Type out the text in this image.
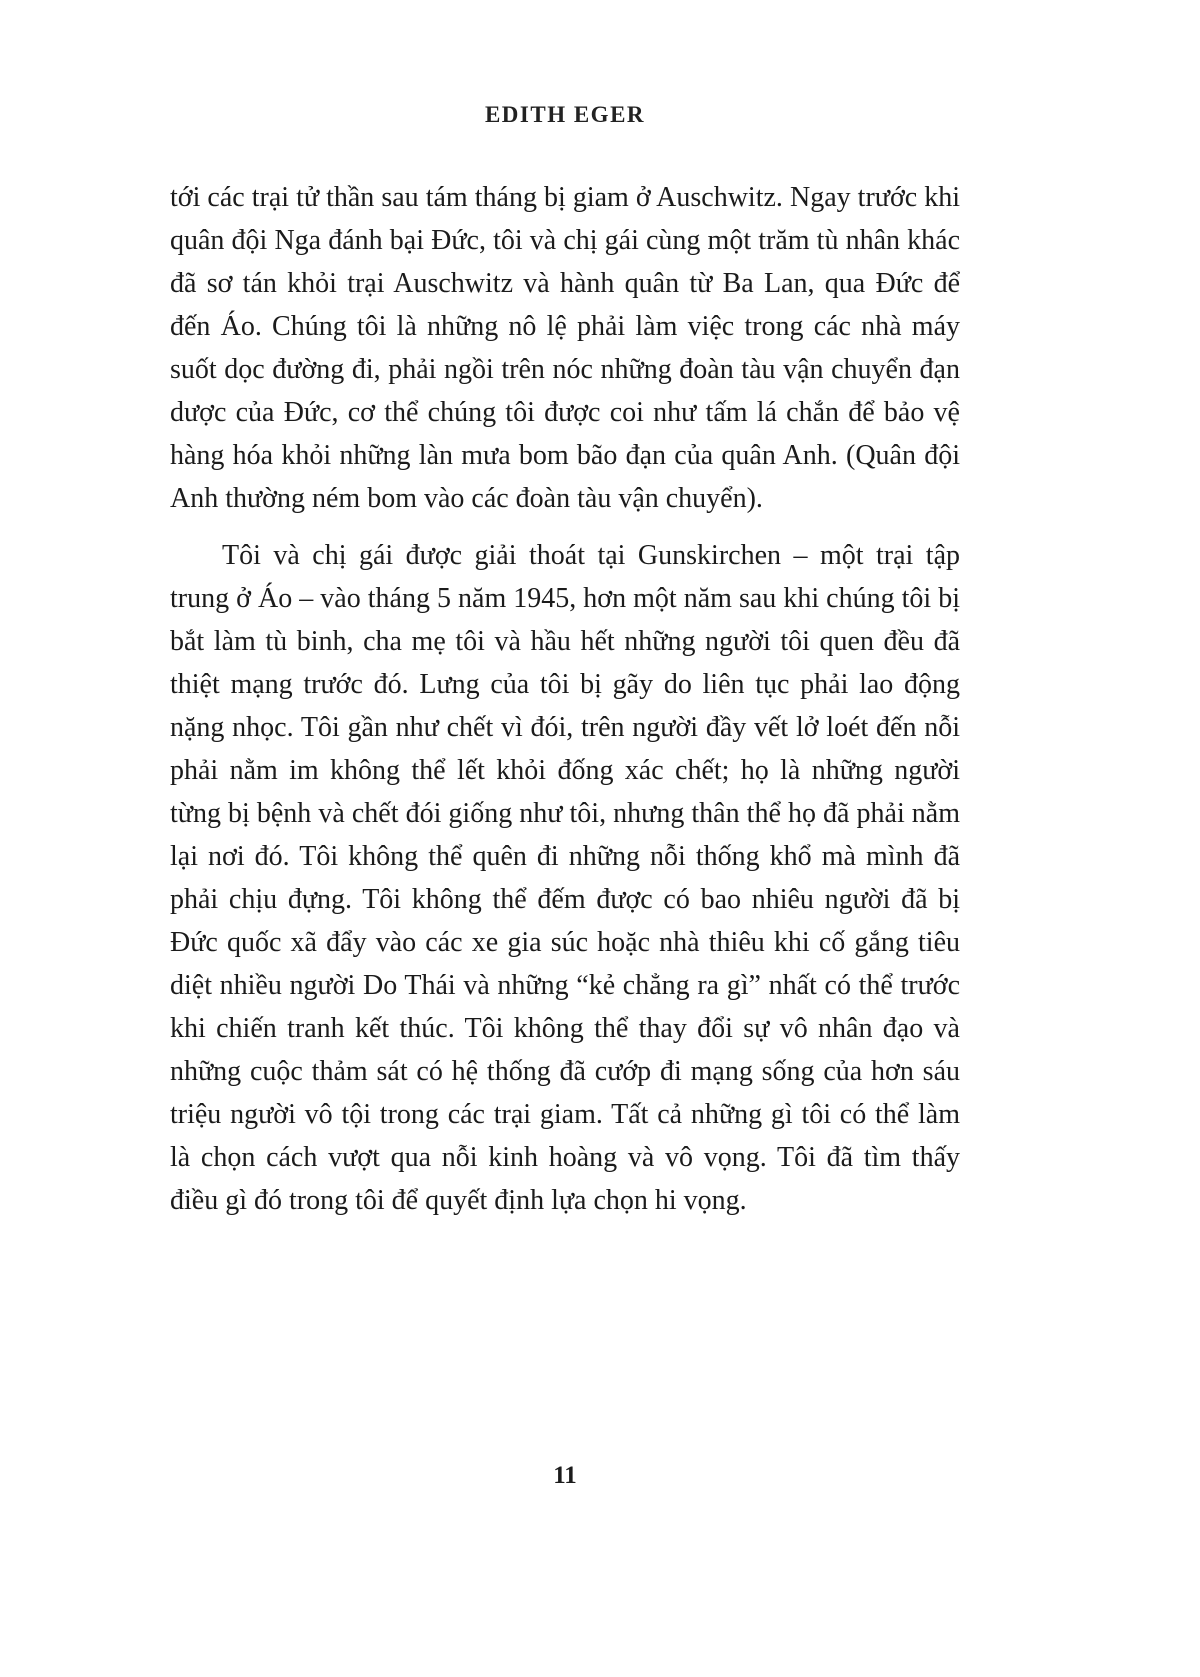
EDITH EGER

tới các trại tử thần sau tám tháng bị giam ở Auschwitz. Ngay trước khi quân đội Nga đánh bại Đức, tôi và chị gái cùng một trăm tù nhân khác đã sơ tán khỏi trại Auschwitz và hành quân từ Ba Lan, qua Đức để đến Áo. Chúng tôi là những nô lệ phải làm việc trong các nhà máy suốt dọc đường đi, phải ngồi trên nóc những đoàn tàu vận chuyển đạn dược của Đức, cơ thể chúng tôi được coi như tấm lá chắn để bảo vệ hàng hóa khỏi những làn mưa bom bão đạn của quân Anh. (Quân đội Anh thường ném bom vào các đoàn tàu vận chuyển).

Tôi và chị gái được giải thoát tại Gunskirchen – một trại tập trung ở Áo – vào tháng 5 năm 1945, hơn một năm sau khi chúng tôi bị bắt làm tù binh, cha mẹ tôi và hầu hết những người tôi quen đều đã thiệt mạng trước đó. Lưng của tôi bị gãy do liên tục phải lao động nặng nhọc. Tôi gần như chết vì đói, trên người đầy vết lở loét đến nỗi phải nằm im không thể lết khỏi đống xác chết; họ là những người từng bị bệnh và chết đói giống như tôi, nhưng thân thể họ đã phải nằm lại nơi đó. Tôi không thể quên đi những nỗi thống khổ mà mình đã phải chịu đựng. Tôi không thể đếm được có bao nhiêu người đã bị Đức quốc xã đẩy vào các xe gia súc hoặc nhà thiêu khi cố gắng tiêu diệt nhiều người Do Thái và những “kẻ chẳng ra gì” nhất có thể trước khi chiến tranh kết thúc. Tôi không thể thay đổi sự vô nhân đạo và những cuộc thảm sát có hệ thống đã cướp đi mạng sống của hơn sáu triệu người vô tội trong các trại giam. Tất cả những gì tôi có thể làm là chọn cách vượt qua nỗi kinh hoàng và vô vọng. Tôi đã tìm thấy điều gì đó trong tôi để quyết định lựa chọn hi vọng.

11
